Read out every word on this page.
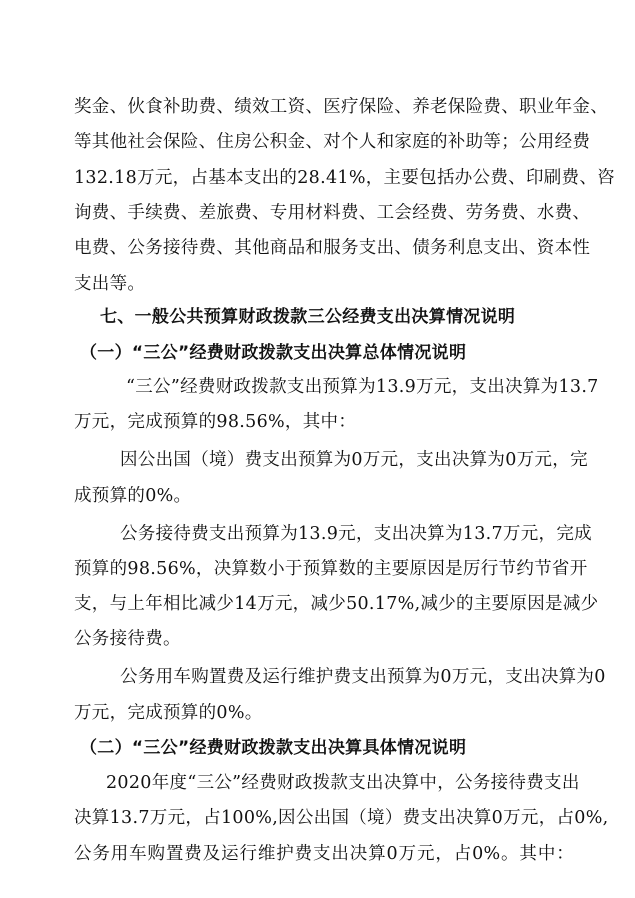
奖金、伙食补助费、绩效工资、医疗保险、养老保险费、职业年金、
等其他社会保险、住房公积金、对个人和家庭的补助等；公用经费
132.18万元，占基本支出的28.41%，主要包括办公费、印刷费、咨
询费、手续费、差旅费、专用材料费、工会经费、劳务费、水费、
电费、公务接待费、其他商品和服务支出、债务利息支出、资本性
支出等。
七、一般公共预算财政拨款三公经费支出决算情况说明
（一）“三公”经费财政拨款支出决算总体情况说明
“三公”经费财政拨款支出预算为13.9万元，支出决算为13.7
万元，完成预算的98.56%，其中：
因公出国（境）费支出预算为0万元，支出决算为0万元，完
成预算的0%。
公务接待费支出预算为13.9元，支出决算为13.7万元，完成
预算的98.56%，决算数小于预算数的主要原因是厉行节约节省开
支，与上年相比减少14万元，减少50.17%,减少的主要原因是减少
公务接待费。
公务用车购置费及运行维护费支出预算为0万元，支出决算为0
万元，完成预算的0%。
（二）“三公”经费财政拨款支出决算具体情况说明
2020年度“三公”经费财政拨款支出决算中，公务接待费支出
决算13.7万元，占100%,因公出国（境）费支出决算0万元，占0%,
公务用车购置费及运行维护费支出决算0万元，占0%。其中：
